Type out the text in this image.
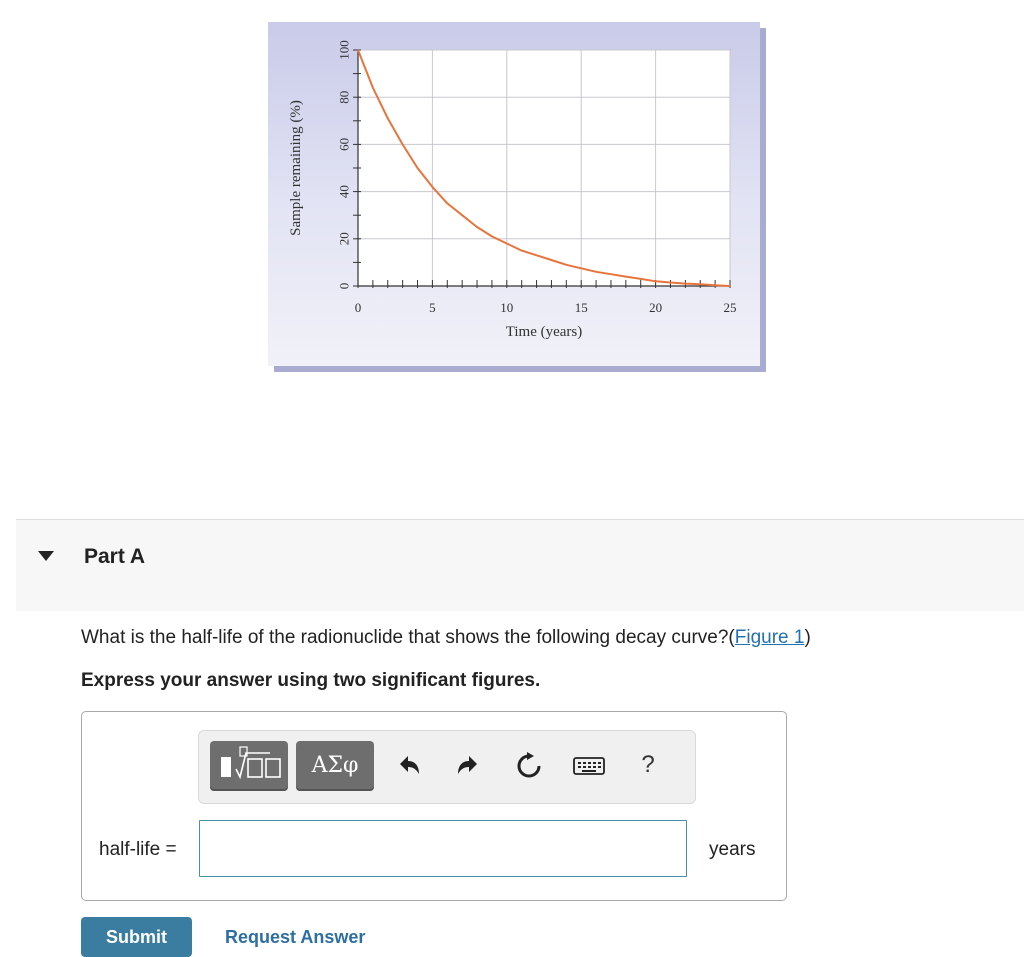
0	5	10	15	20	25
0
20
40
60
80
100
Time (years)
Sample remaining (%)
Part A
What is the half-life of the radionuclide that shows the following decay curve?(Figure 1)
Express your answer using two significant figures.
ΑΣφ	?
half-life =	years
Submit	Request Answer
